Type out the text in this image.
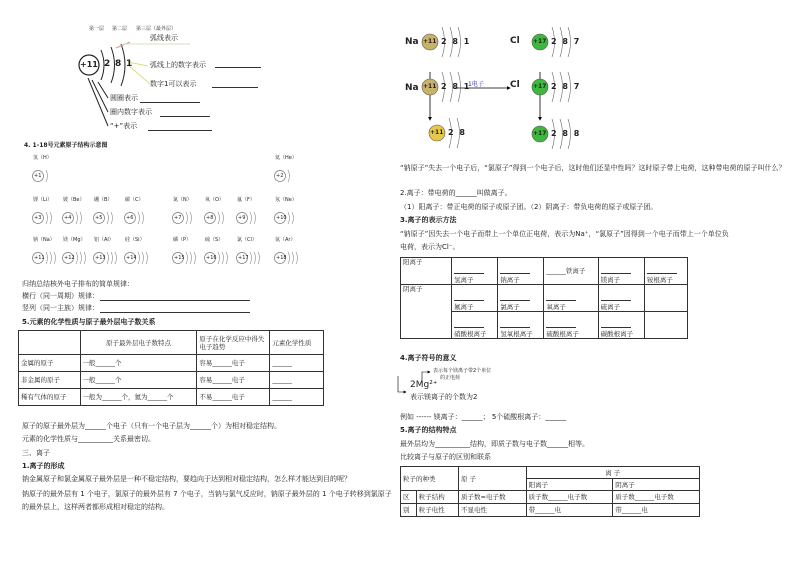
第一层 第二层 第三层（最外层）
+11 2 8 1
弧线表示
弧线上的数字表示
数字1可以表示
圆圈表示
圈内数字表示
“+”表示
4. 1-18号元素原子结构示意图
氢（H）
+1
氦（He）
+2
锂（Li）
+3
铍（Be）
+4
硼（B）
+5
碳（C）
+6
氮（N）
+7
氧（O）
+8
氟（F）
+9
氖（Ne）
+10
钠（Na）
+11
镁（Mg）
+12
铝（Al）
+13
硅（Si）
+14
磷（P）
+15
硫（S）
+16
氯（Cl）
+17
氩（Ar）
+18
归纳总结核外电子排布的简单规律：
横行（同一周期）规律：
竖列（同一主族）规律：
5.元素的化学性质与原子最外层电子数关系
	原子最外层电子数特点	原子在化学反应中得失电子趋势	元素化学性质
金属的原子	一般______个	容易______电子	______
非金属的原子	一般______个	容易______电子	______
稀有气体的原子	一般为______个，氦为______个	不易______电子	______
原子的原子最外层为______个电子（只有一个电子层为______个）为相对稳定结构。
元素的化学性质与__________关系最密切。
三、离子
1.离子的形成
钠金属原子和氯金属原子最外层是一种不稳定结构，要趋向于达到相对稳定结构，怎么样才能达到目的呢？
钠原子的最外层有 1 个电子，氯原子的最外层有 7 个电子，当钠与氯气反应时，钠原子最外层的 1 个电子转移到氯原子
的最外层上，这样两者都形成相对稳定的结构。
Na
Na
Cl
Cl
+11 2 8 1
+11 2 8 1
+17 2 8 7
+17 2 8 7
+11 2 8	+17 2 8 8
1电子
“钠原子”失去一个电子后，“氯原子”得到一个电子后，这时他们还显中性吗？这时原子带上电荷，这种带电荷的原子叫什么？
2.离子：带电荷的______叫做离子。
（1）阳离子：带正电荷的原子或原子团。（2）阴离子：带负电荷的原子或原子团。
3.离子的表示方法
“钠原子”因失去一个电子而带上一个单位正电荷，表示为Na⁺，“氯原子”因得到一个电子而带上一个单位负
电荷，表示为Cl⁻。
阳离子	氢离子	钠离子	______铁离子	镁离子	铵根离子
阴离子	氟离子	氯离子	氧离子	硫离子	

硝酸根离子	氢氧根离子	硫酸根离子	碳酸根离子	
4.离子符号的意义
2Mg²⁺
表示每个镁离子带2个单位
的正电荷
表示镁离子的个数为2
例如 ------ 镁离子：______； 5个硫酸根离子：______
5.离子的结构特点
最外层均为__________结构，即质子数与电子数______相等。
比较离子与原子的区别和联系
粒子的种类		原 子	离 子	
			阳离子	阴离子
区	粒子结构	质子数=电子数	质子数______电子数	质子数______电子数
别	粒子电性	不显电性	带______电	带______电
